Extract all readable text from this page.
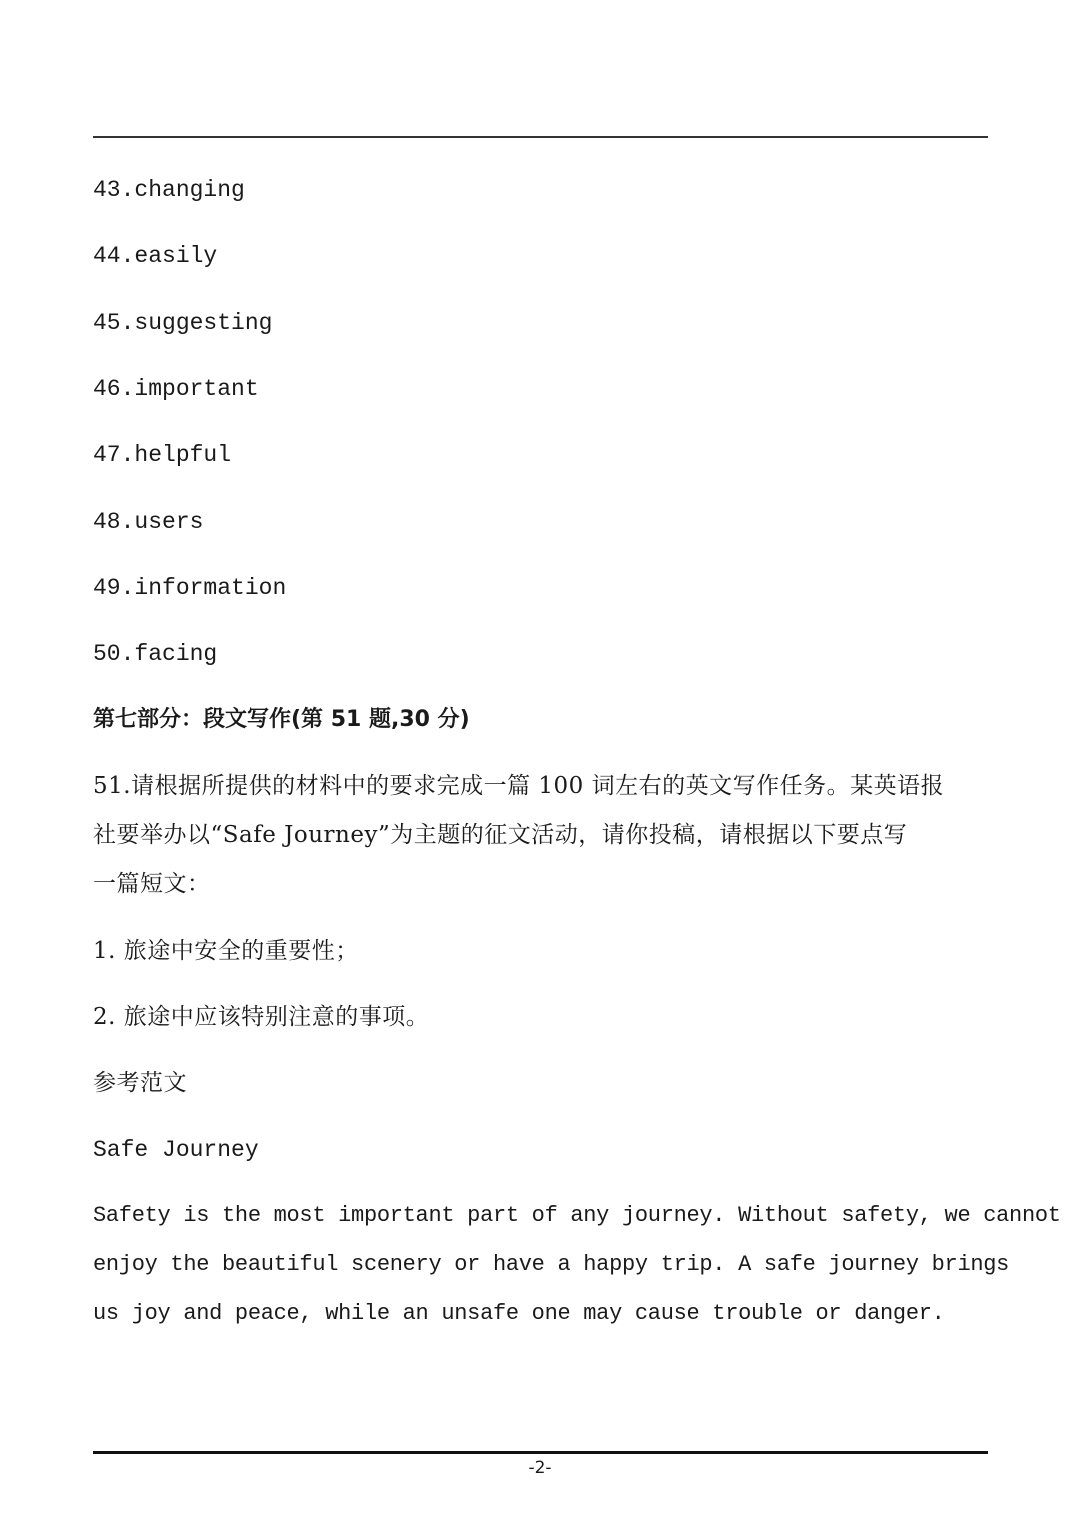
43.changing
44.easily
45.suggesting
46.important
47.helpful
48.users
49.information
50.facing
第七部分：段文写作(第 51 题,30 分)
51.请根据所提供的材料中的要求完成一篇 100 词左右的英文写作任务。某英语报
社要举办以“Safe Journey”为主题的征文活动，请你投稿，请根据以下要点写
一篇短文：
1. 旅途中安全的重要性；
2. 旅途中应该特别注意的事项。
参考范文
Safe Journey
Safety is the most important part of any journey. Without safety, we cannot
enjoy the beautiful scenery or have a happy trip. A safe journey brings
us joy and peace, while an unsafe one may cause trouble or danger.
-2-
